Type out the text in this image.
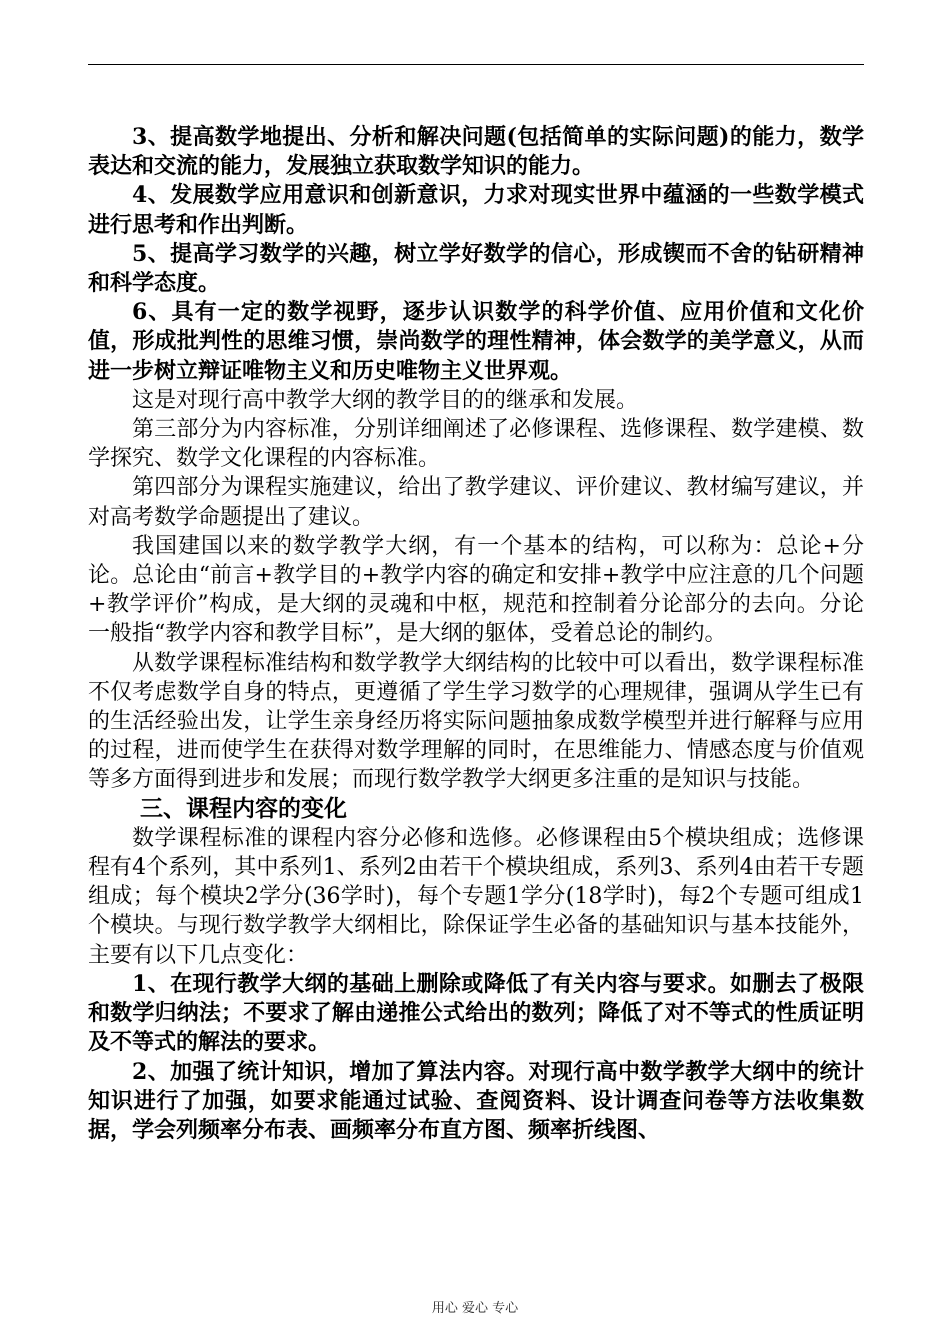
3、提高数学地提出、分析和解决问题(包括简单的实际问题)的能力，数学表达和交流的能力，发展独立获取数学知识的能力。

4、发展数学应用意识和创新意识，力求对现实世界中蕴涵的一些数学模式进行思考和作出判断。

5、提高学习数学的兴趣，树立学好数学的信心，形成锲而不舍的钻研精神和科学态度。

6、具有一定的数学视野，逐步认识数学的科学价值、应用价值和文化价值，形成批判性的思维习惯，崇尚数学的理性精神，体会数学的美学意义，从而进一步树立辩证唯物主义和历史唯物主义世界观。

这是对现行高中教学大纲的教学目的的继承和发展。

第三部分为内容标准，分别详细阐述了必修课程、选修课程、数学建模、数学探究、数学文化课程的内容标准。

第四部分为课程实施建议，给出了教学建议、评价建议、教材编写建议，并对高考数学命题提出了建议。

我国建国以来的数学教学大纲，有一个基本的结构，可以称为：总论+分论。总论由“前言+教学目的+教学内容的确定和安排+教学中应注意的几个问题+教学评价”构成，是大纲的灵魂和中枢，规范和控制着分论部分的去向。分论一般指“教学内容和教学目标”，是大纲的躯体，受着总论的制约。

从数学课程标准结构和数学教学大纲结构的比较中可以看出，数学课程标准不仅考虑数学自身的特点，更遵循了学生学习数学的心理规律，强调从学生已有的生活经验出发，让学生亲身经历将实际问题抽象成数学模型并进行解释与应用的过程，进而使学生在获得对数学理解的同时，在思维能力、情感态度与价值观等多方面得到进步和发展；而现行数学教学大纲更多注重的是知识与技能。

三、课程内容的变化

数学课程标准的课程内容分必修和选修。必修课程由5个模块组成；选修课程有4个系列，其中系列1、系列2由若干个模块组成，系列3、系列4由若干专题组成；每个模块2学分(36学时)，每个专题1学分(18学时)，每2个专题可组成1个模块。与现行数学教学大纲相比，除保证学生必备的基础知识与基本技能外，主要有以下几点变化：

1、在现行教学大纲的基础上删除或降低了有关内容与要求。如删去了极限和数学归纳法；不要求了解由递推公式给出的数列；降低了对不等式的性质证明及不等式的解法的要求。

2、加强了统计知识，增加了算法内容。对现行高中数学教学大纲中的统计知识进行了加强，如要求能通过试验、查阅资料、设计调查问卷等方法收集数据，学会列频率分布表、画频率分布直方图、频率折线图、

用心 爱心 专心
